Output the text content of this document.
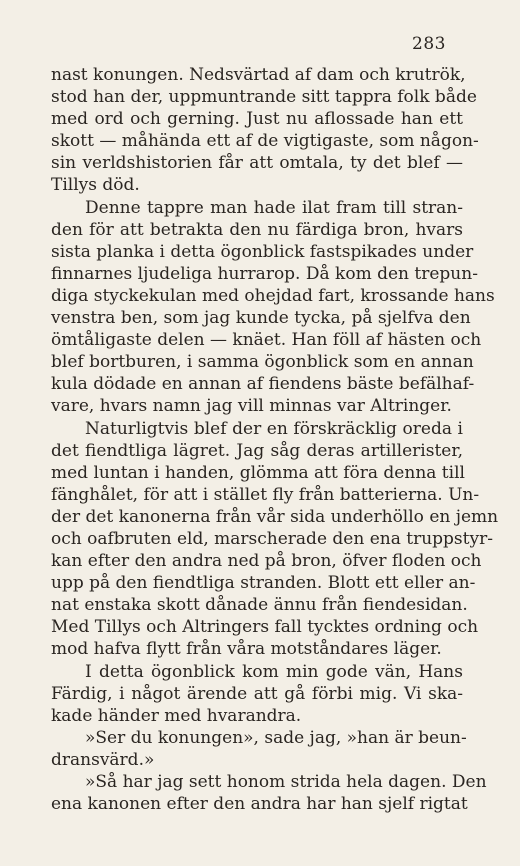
283
nast konungen. Nedsvärtad af dam och krutrök,
stod han der, uppmuntrande sitt tappra folk både
med ord och gerning. Just nu aflossade han ett
skott — måhända ett af de vigtigaste, som någon-
sin verldshistorien får att omtala, ty det blef —
Tillys död.
Denne tappre man hade ilat fram till stran-
den för att betrakta den nu färdiga bron, hvars
sista planka i detta ögonblick fastspikades under
finnarnes ljudeliga hurrarop. Då kom den trepun-
diga styckekulan med ohejdad fart, krossande hans
venstra ben, som jag kunde tycka, på sjelfva den
ömtåligaste delen — knäet. Han föll af hästen och
blef bortburen, i samma ögonblick som en annan
kula dödade en annan af fiendens bäste befälhaf-
vare, hvars namn jag vill minnas var Altringer.
Naturligtvis blef der en förskräcklig oreda i
det fiendtliga lägret. Jag såg deras artillerister,
med luntan i handen, glömma att föra denna till
fänghålet, för att i stället fly från batterierna. Un-
der det kanonerna från vår sida underhöllo en jemn
och oafbruten eld, marscherade den ena truppstyr-
kan efter den andra ned på bron, öfver floden och
upp på den fiendtliga stranden. Blott ett eller an-
nat enstaka skott dånade ännu från fiendesidan.
Med Tillys och Altringers fall tycktes ordning och
mod hafva flytt från våra motståndares läger.
I detta ögonblick kom min gode vän, Hans
Färdig, i något ärende att gå förbi mig. Vi ska-
kade händer med hvarandra.
»Ser du konungen», sade jag, »han är beun-
dransvärd.»
»Så har jag sett honom strida hela dagen. Den
ena kanonen efter den andra har han sjelf rigtat
